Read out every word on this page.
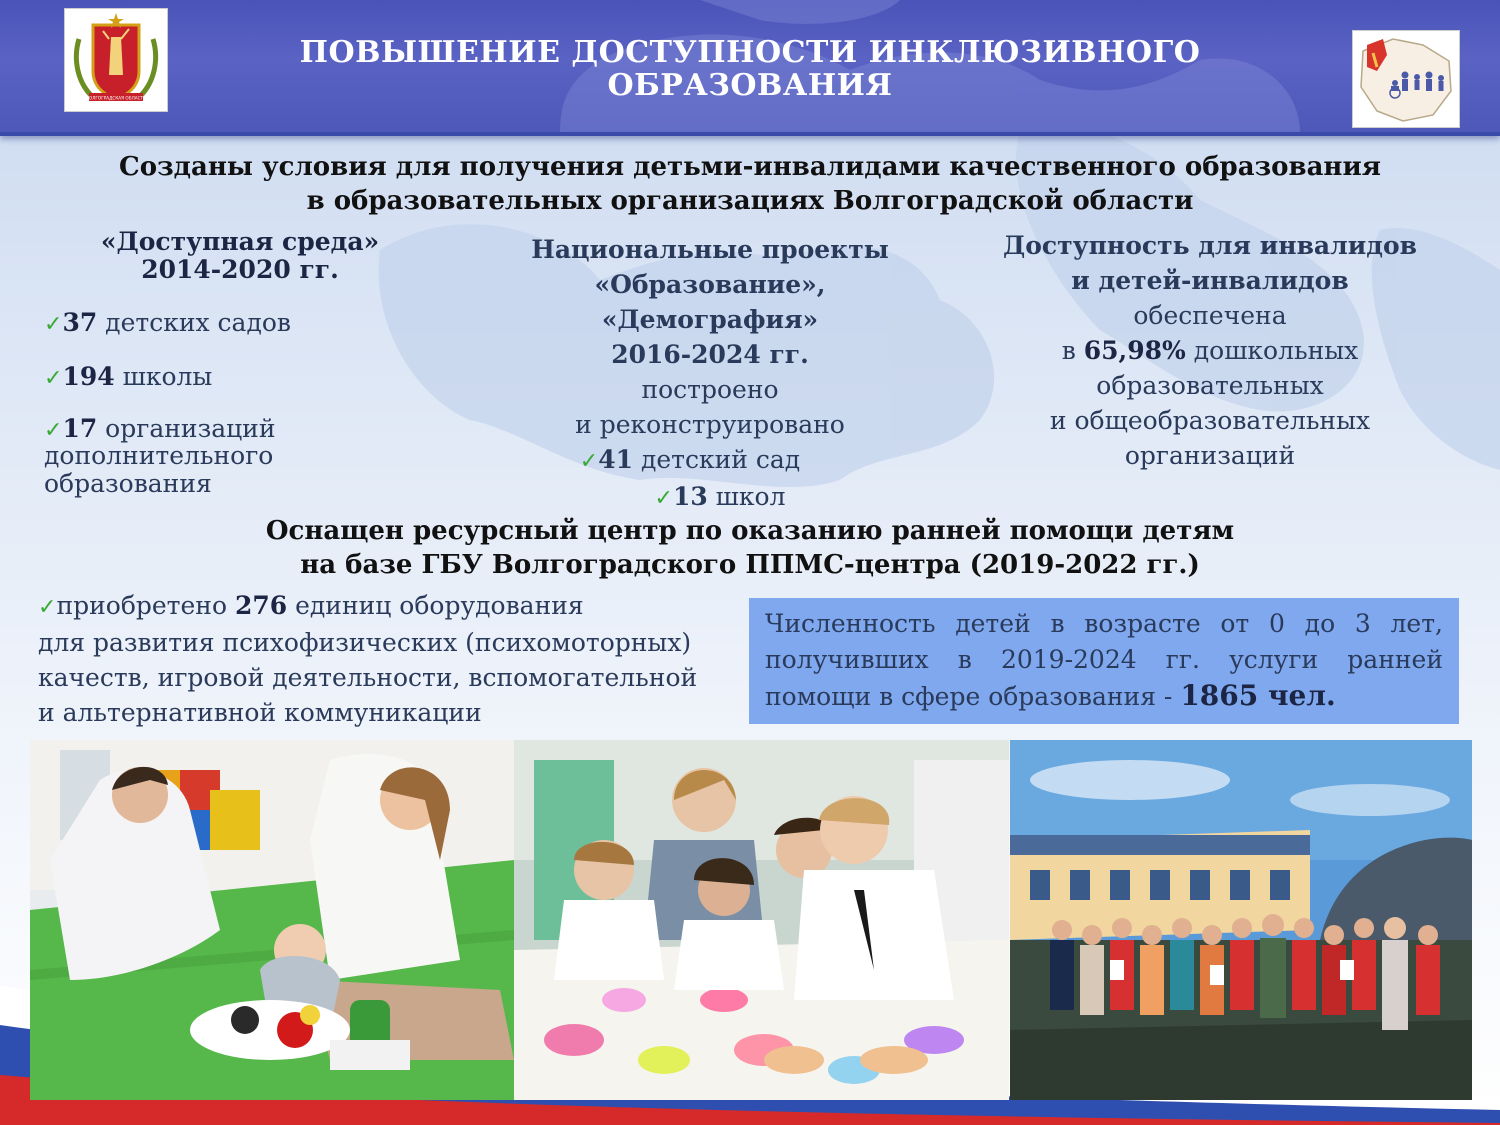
ПОВЫШЕНИЕ ДОСТУПНОСТИ ИНКЛЮЗИВНОГО
ОБРАЗОВАНИЯ
ВОЛГОГРАДСКАЯ ОБЛАСТЬ
Созданы условия для получения детьми-инвалидами качественного образования
в образовательных организациях Волгоградской области
«Доступная среда»
2014-2020 гг.
✓37 детских садов
✓194 школы
✓17 организаций
дополнительного
образования
Национальные проекты
«Образование»,
«Демография»
2016-2024 гг.
построено
и реконструировано
✓41 детский сад
✓13 школ
Доступность для инвалидов
и детей-инвалидов
обеспечена
в 65,98% дошкольных
образовательных
и общеобразовательных
организаций
Оснащен ресурсный центр по оказанию ранней помощи детям
на базе ГБУ Волгоградского ППМС-центра (2019-2022 гг.)
✓приобретено 276 единиц оборудования
для развития психофизических (психомоторных)
качеств, игровой деятельности, вспомогательной
и альтернативной коммуникации
Численность детей в возрасте от 0 до 3 лет, получивших в 2019-2024 гг. услуги ранней помощи в сфере образования - 1865 чел.
